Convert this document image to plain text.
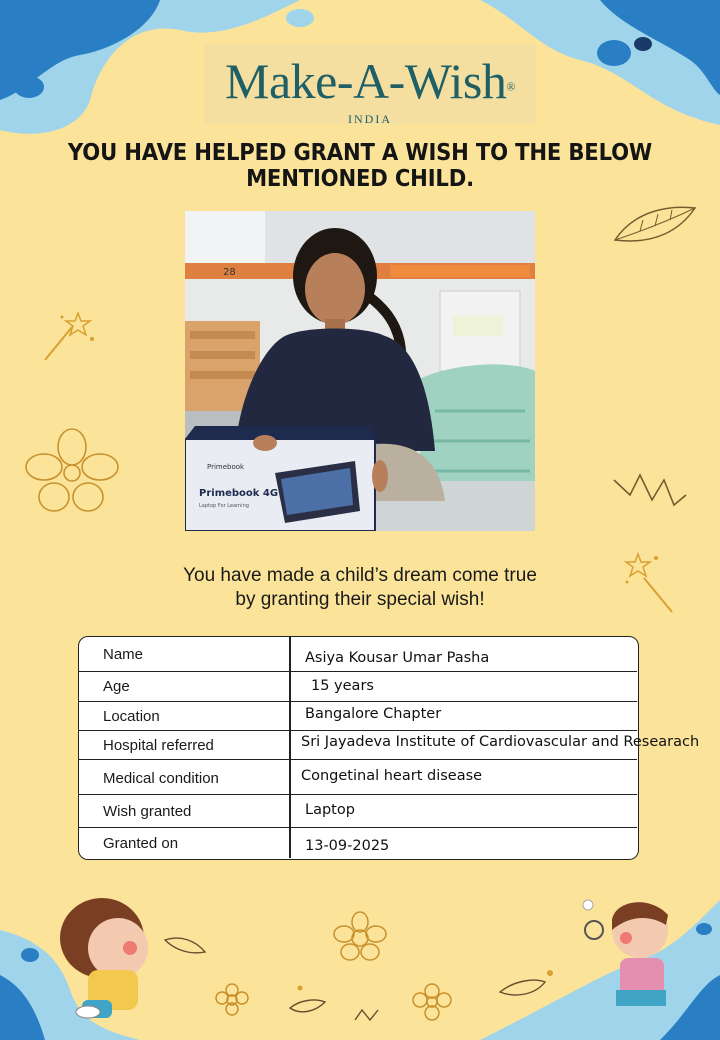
Make-A-Wish®
INDIA
YOU HAVE HELPED GRANT A WISH TO THE BELOW MENTIONED CHILD.
28
Primebook
Primebook 4G
Laptop For Learning
You have made a child’s dream come true
by granting their special wish!
Name	Asiya Kousar Umar Pasha
Age	15 years
Location	Bangalore Chapter
Hospital referred	Sri Jayadeva Institute of Cardiovascular and Researach
Medical condition	Congetinal heart disease
Wish granted	Laptop
Granted on	13-09-2025
